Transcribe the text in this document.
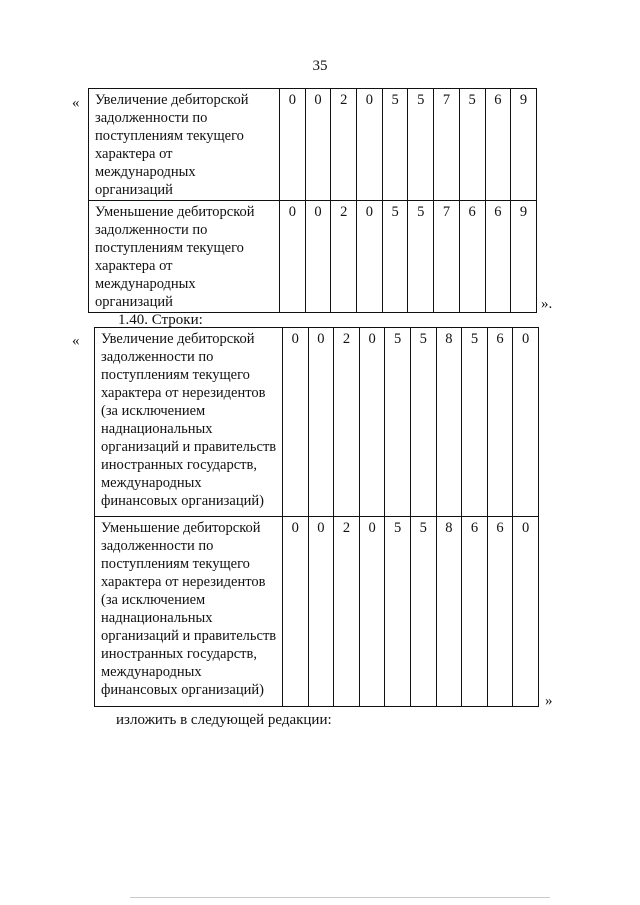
35
« Увеличение дебиторской задолженности по поступлениям текущего характера от международных организаций	0	0	2	0	5	5	7	5	6	9
Уменьшение дебиторской задолженности по поступлениям текущего характера от международных организаций	0	0	2	0	5	5	7	6	6	9
».
1.40. Строки:
« Увеличение дебиторской задолженности по поступлениям текущего характера от нерезидентов (за исключением наднациональных организаций и правительств иностранных государств, международных финансовых организаций)	0	0	2	0	5	5	8	5	6	0
Уменьшение дебиторской задолженности по поступлениям текущего характера от нерезидентов (за исключением наднациональных организаций и правительств иностранных государств, международных финансовых организаций)	0	0	2	0	5	5	8	6	6	0
»
изложить в следующей редакции:
